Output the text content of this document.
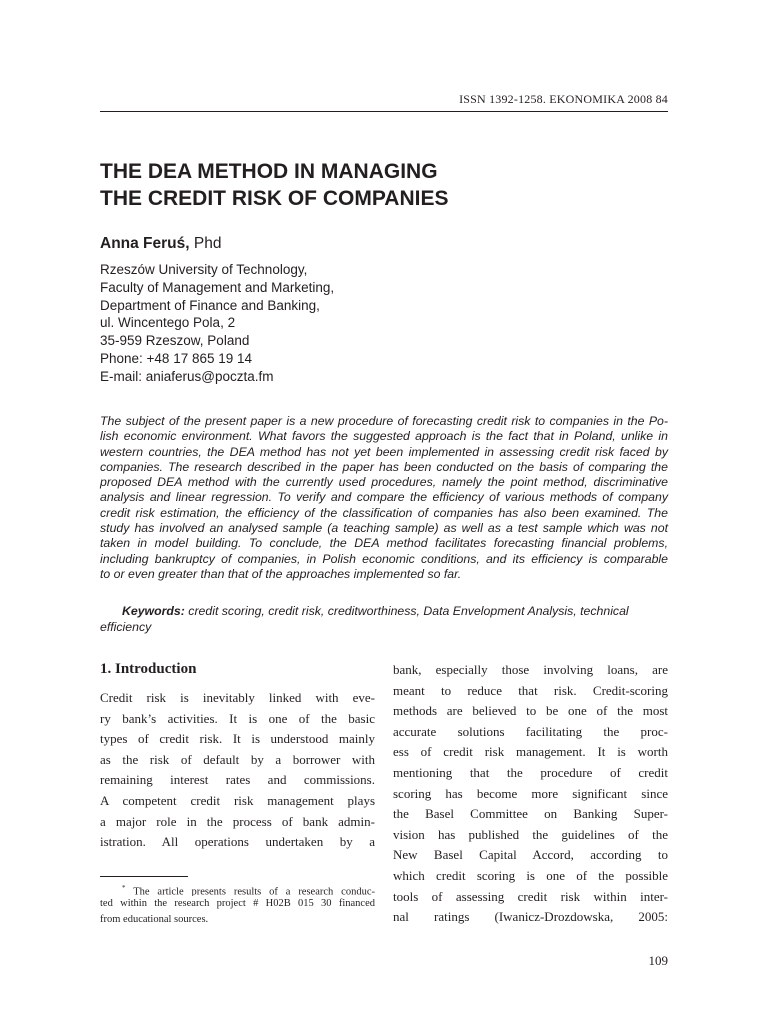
ISSN 1392-1258. EKONOMIKA 2008 84
THE DEA METHOD IN MANAGING
THE CREDIT RISK OF COMPANIES
Anna Feruś, Phd
Rzeszów University of Technology,
Faculty of Management and Marketing,
Department of Finance and Banking,
ul. Wincentego Pola, 2
35-959 Rzeszow, Poland
Phone: +48 17 865 19 14
E-mail: aniaferus@poczta.fm
The subject of the present paper is a new procedure of forecasting credit risk to companies in the Po-
lish economic environment. What favors the suggested approach is the fact that in Poland, unlike in
western countries, the DEA method has not yet been implemented in assessing credit risk faced by
companies. The research described in the paper has been conducted on the basis of comparing the
proposed DEA method with the currently used procedures, namely the point method, discriminative
analysis and linear regression. To verify and compare the efficiency of various methods of company
credit risk estimation, the efficiency of the classification of companies has also been examined. The
study has involved an analysed sample (a teaching sample) as well as a test sample which was not
taken in model building. To conclude, the DEA method facilitates forecasting financial problems,
including bankruptcy of companies, in Polish economic conditions, and its efficiency is comparable
to or even greater than that of the approaches implemented so far.
Keywords: credit scoring, credit risk, creditworthiness, Data Envelopment Analysis, technical efficiency
1. Introduction
Credit risk is inevitably linked with eve-
ry bank’s activities. It is one of the basic
types of credit risk. It is understood mainly
as the risk of default by a borrower with
remaining interest rates and commissions.
A competent credit risk management plays
a major role in the process of bank admin-
istration. All operations undertaken by a
bank, especially those involving loans, are
meant to reduce that risk. Credit-scoring
methods are believed to be one of the most
accurate solutions facilitating the proc-
ess of credit risk management. It is worth
mentioning that the procedure of credit
scoring has become more significant since
the Basel Committee on Banking Super-
vision has published the guidelines of the
New Basel Capital Accord, according to
which credit scoring is one of the possible
tools of assessing credit risk within inter-
nal ratings (Iwanicz-Drozdowska, 2005:
* The article presents results of a research conduc-
ted within the research project # H02B 015 30 financed
from educational sources.
109
